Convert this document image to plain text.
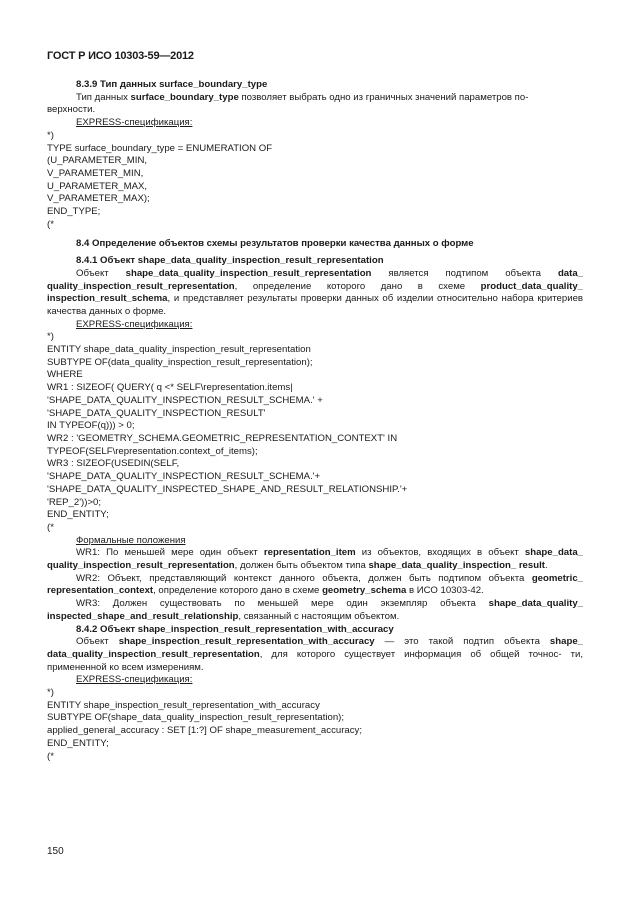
ГОСТ Р ИСО 10303-59—2012

8.3.9 Тип данных surface_boundary_type

Тип данных surface_boundary_type позволяет выбрать одно из граничных значений параметров по-

верхности.

EXPRESS-спецификация:

*)

TYPE surface_boundary_type = ENUMERATION OF

(U_PARAMETER_MIN,

V_PARAMETER_MIN,

U_PARAMETER_MAX,

V_PARAMETER_MAX);

END_TYPE;

(*

8.4 Определение объектов схемы результатов проверки качества данных о форме

8.4.1 Объект shape_data_quality_inspection_result_representation

Объект shape_data_quality_inspection_result_representation является подтипом объекта data_ quality_inspection_result_representation, определение которого дано в схеме product_data_quality_ inspection_result_schema, и представляет результаты проверки данных об изделии относительно набора критериев качества данных о форме.

EXPRESS-спецификация:

*)

ENTITY shape_data_quality_inspection_result_representation

SUBTYPE OF(data_quality_inspection_result_representation);

WHERE

WR1 : SIZEOF( QUERY( q <* SELF\representation.items|

'SHAPE_DATA_QUALITY_INSPECTION_RESULT_SCHEMA.' +

'SHAPE_DATA_QUALITY_INSPECTION_RESULT'

IN TYPEOF(q))) > 0;

WR2 : 'GEOMETRY_SCHEMA.GEOMETRIC_REPRESENTATION_CONTEXT' IN

TYPEOF(SELF\representation.context_of_items);

WR3 : SIZEOF(USEDIN(SELF,

'SHAPE_DATA_QUALITY_INSPECTION_RESULT_SCHEMA.'+

'SHAPE_DATA_QUALITY_INSPECTED_SHAPE_AND_RESULT_RELATIONSHIP.'+

'REP_2'))>0;

END_ENTITY;

(*

Формальные положения

WR1: По меньшей мере один объект representation_item из объектов, входящих в объект shape_data_ quality_inspection_result_representation, должен быть объектом типа shape_data_quality_inspection_ result.

WR2: Объект, представляющий контекст данного объекта, должен быть подтипом объекта geometric_ representation_context, определение которого дано в схеме geometry_schema в ИСО 10303-42.

WR3: Должен существовать по меньшей мере один экземпляр объекта shape_data_quality_ inspected_shape_and_result_relationship, связанный с настоящим объектом.

8.4.2 Объект shape_inspection_result_representation_with_accuracy

Объект shape_inspection_result_representation_with_accuracy — это такой подтип объекта shape_ data_quality_inspection_result_representation, для которого существует информация об общей точнос- ти, примененной ко всем измерениям.

EXPRESS-спецификация:

*)

ENTITY shape_inspection_result_representation_with_accuracy

SUBTYPE OF(shape_data_quality_inspection_result_representation);

applied_general_accuracy : SET [1:?] OF shape_measurement_accuracy;

END_ENTITY;

(*

150
